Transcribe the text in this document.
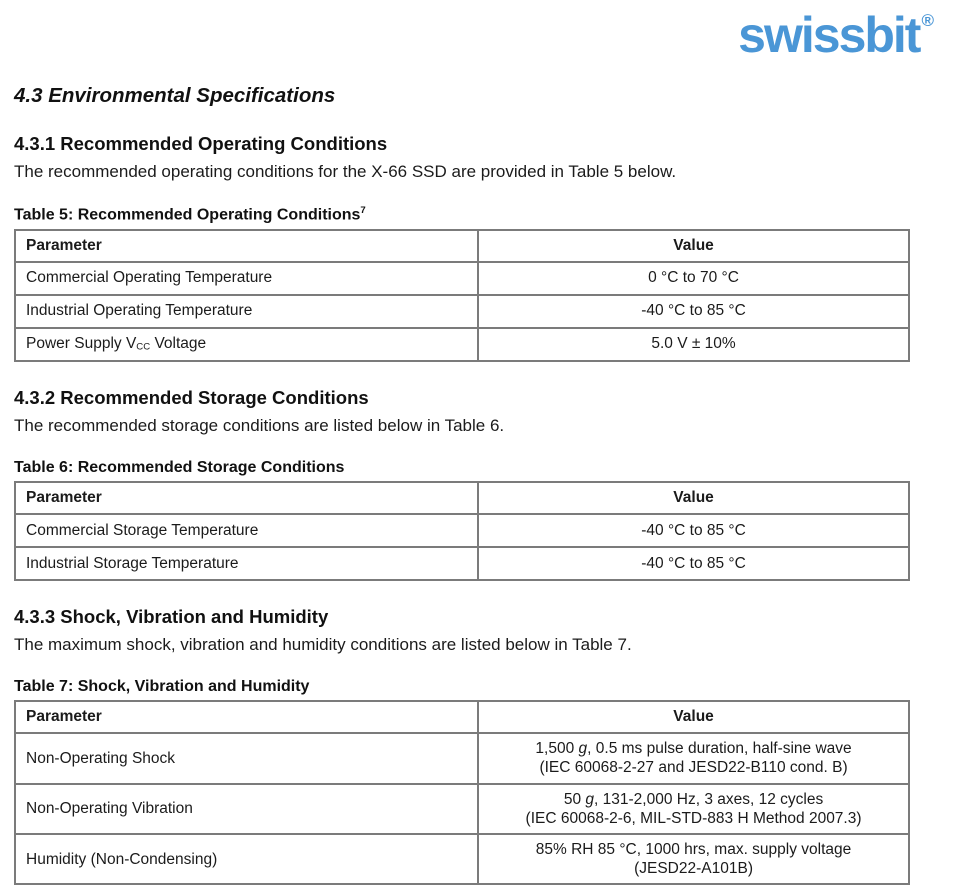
swissbit ®
4.3 Environmental Specifications
4.3.1 Recommended Operating Conditions

The recommended operating conditions for the X-66 SSD are provided in Table 5 below.

Table 5: Recommended Operating Conditions$^7$
Parameter	Value
Commercial Operating Temperature	0 °C to 70 °C
Industrial Operating Temperature	-40 °C to 85 °C
Power Supply $V_{CC}$ Voltage	5.0 V ± 10%
4.3.2 Recommended Storage Conditions

The recommended storage conditions are listed below in Table 6.

Table 6: Recommended Storage Conditions
Parameter	Value
Commercial Storage Temperature	-40 °C to 85 °C
Industrial Storage Temperature	-40 °C to 85 °C
4.3.3 Shock, Vibration and Humidity

The maximum shock, vibration and humidity conditions are listed below in Table 7.

Table 7: Shock, Vibration and Humidity
Parameter	Value
Non-Operating Shock	1,500 g, 0.5 ms pulse duration, half-sine wave
(IEC 60068-2-27 and JESD22-B110 cond. B)
Non-Operating Vibration	50 g, 131-2,000 Hz, 3 axes, 12 cycles
(IEC 60068-2-6, MIL-STD-883 H Method 2007.3)
Humidity (Non-Condensing)	85% RH 85 °C, 1000 hrs, max. supply voltage
(JESD22-A101B)
